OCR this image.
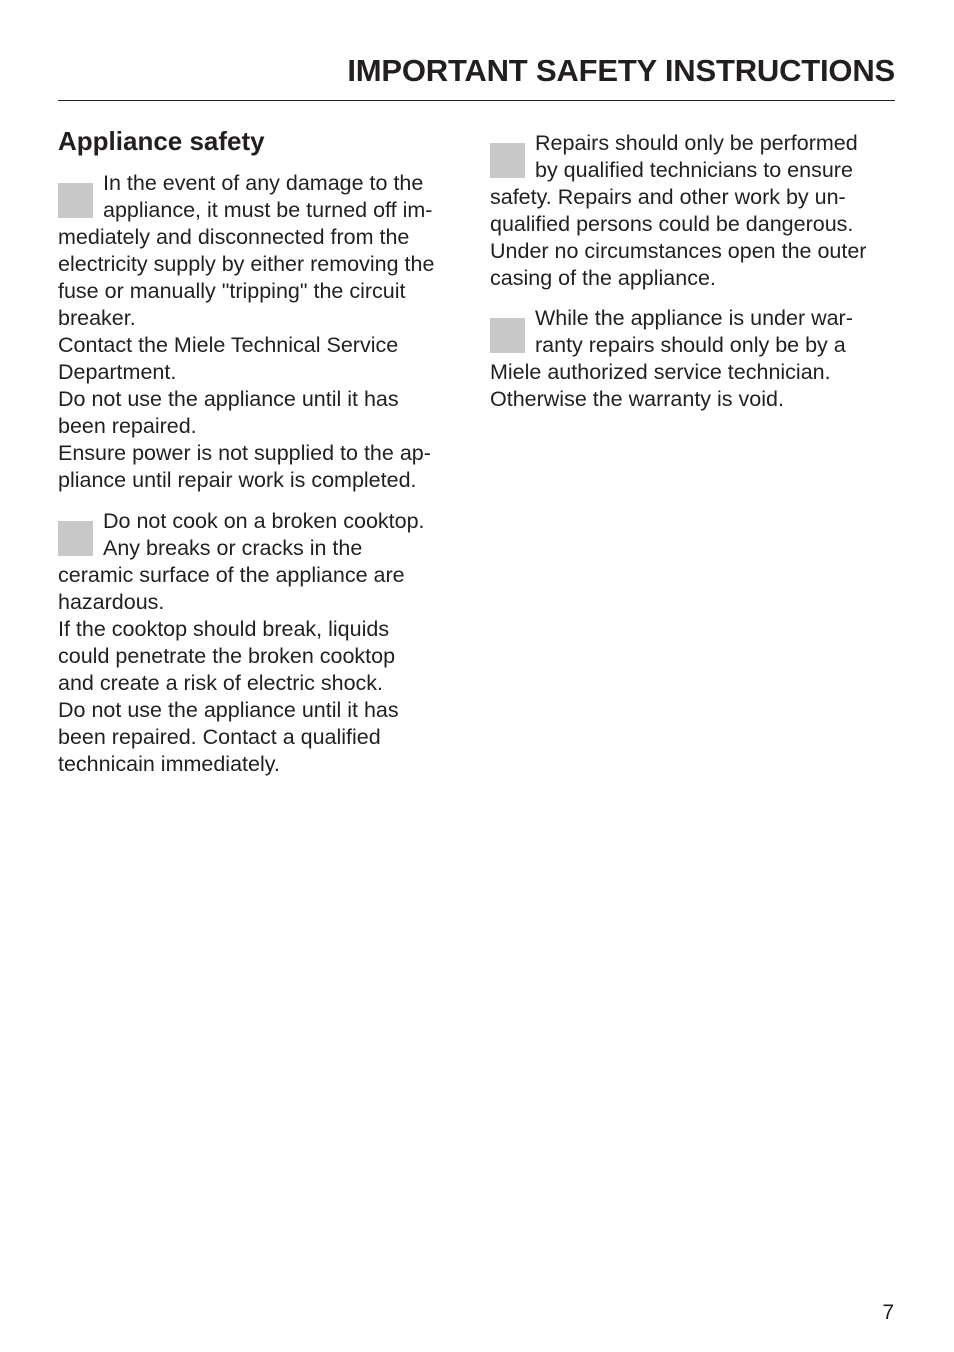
IMPORTANT SAFETY INSTRUCTIONS
Appliance safety
In the event of any damage to the
appliance, it must be turned off im-
mediately and disconnected from the
electricity supply by either removing the
fuse or manually "tripping" the circuit
breaker.
Contact the Miele Technical Service
Department.
Do not use the appliance until it has
been repaired.
Ensure power is not supplied to the ap-
pliance until repair work is completed.
Do not cook on a broken cooktop.
Any breaks or cracks in the
ceramic surface of the appliance are
hazardous.
If the cooktop should break, liquids
could penetrate the broken cooktop
and create a risk of electric shock.
Do not use the appliance until it has
been repaired. Contact a qualified
technicain immediately.
Repairs should only be performed
by qualified technicians to ensure
safety. Repairs and other work by un-
qualified persons could be dangerous.
Under no circumstances open the outer
casing of the appliance.
While the appliance is under war-
ranty repairs should only be by a
Miele authorized service technician.
Otherwise the warranty is void.
7
